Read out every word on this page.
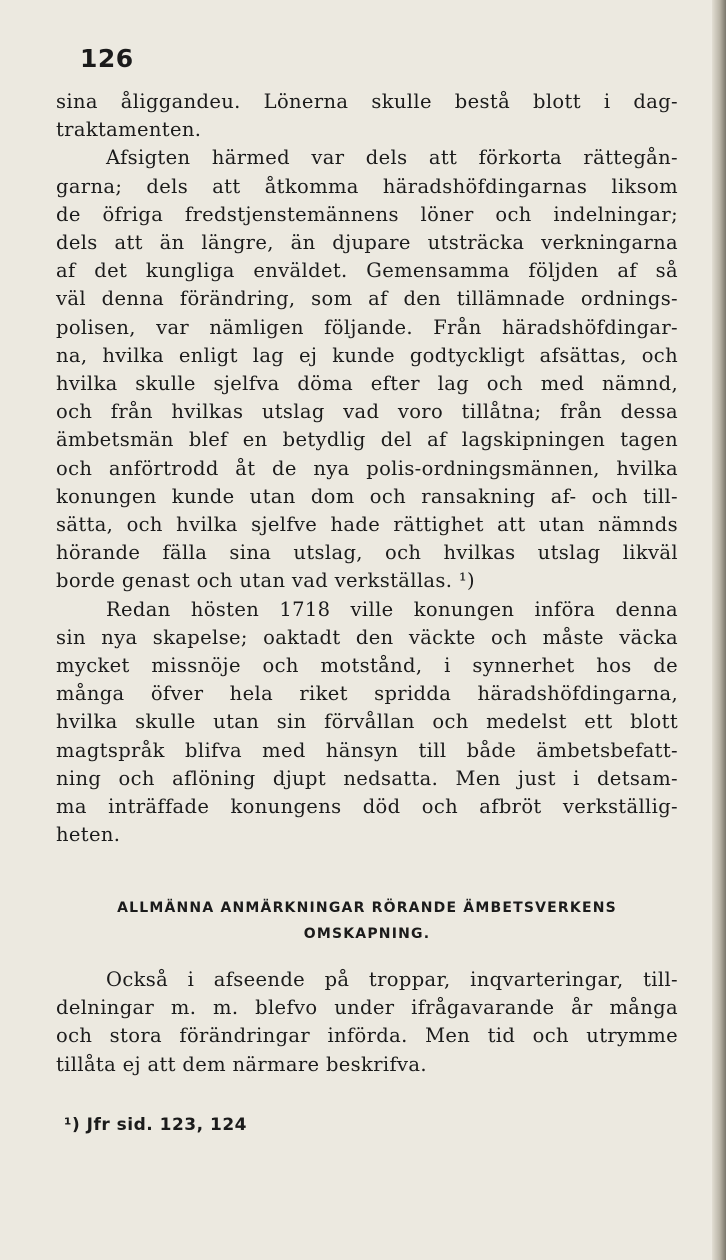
126
sina åliggandeu. Lönerna skulle bestå blott i dag-
traktamenten.
Afsigten härmed var dels att förkorta rättegån-
garna; dels att åtkomma häradshöfdingarnas liksom
de öfriga fredstjenstemännens löner och indelningar;
dels att än längre, än djupare utsträcka verkningarna
af det kungliga enväldet. Gemensamma följden af så
väl denna förändring, som af den tillämnade ordnings-
polisen, var nämligen följande. Från häradshöfdingar-
na, hvilka enligt lag ej kunde godtyckligt afsättas, och
hvilka skulle sjelfva döma efter lag och med nämnd,
och från hvilkas utslag vad voro tillåtna; från dessa
ämbetsmän blef en betydlig del af lagskipningen tagen
och anförtrodd åt de nya polis-ordningsmännen, hvilka
konungen kunde utan dom och ransakning af- och till-
sätta, och hvilka sjelfve hade rättighet att utan nämnds
hörande fälla sina utslag, och hvilkas utslag likväl
borde genast och utan vad verkställas. ¹)
Redan hösten 1718 ville konungen införa denna
sin nya skapelse; oaktadt den väckte och måste väcka
mycket missnöje och motstånd, i synnerhet hos de
många öfver hela riket spridda häradshöfdingarna,
hvilka skulle utan sin förvållan och medelst ett blott
magtspråk blifva med hänsyn till både ämbetsbefatt-
ning och aflöning djupt nedsatta. Men just i detsam-
ma inträffade konungens död och afbröt verkställig-
heten.
ALLMÄNNA ANMÄRKNINGAR RÖRANDE ÄMBETSVERKENS
OMSKAPNING.
Också i afseende på troppar, inqvarteringar, till-
delningar m. m. blefvo under ifrågavarande år många
och stora förändringar införda. Men tid och utrymme
tillåta ej att dem närmare beskrifva.
¹) Jfr sid. 123, 124
